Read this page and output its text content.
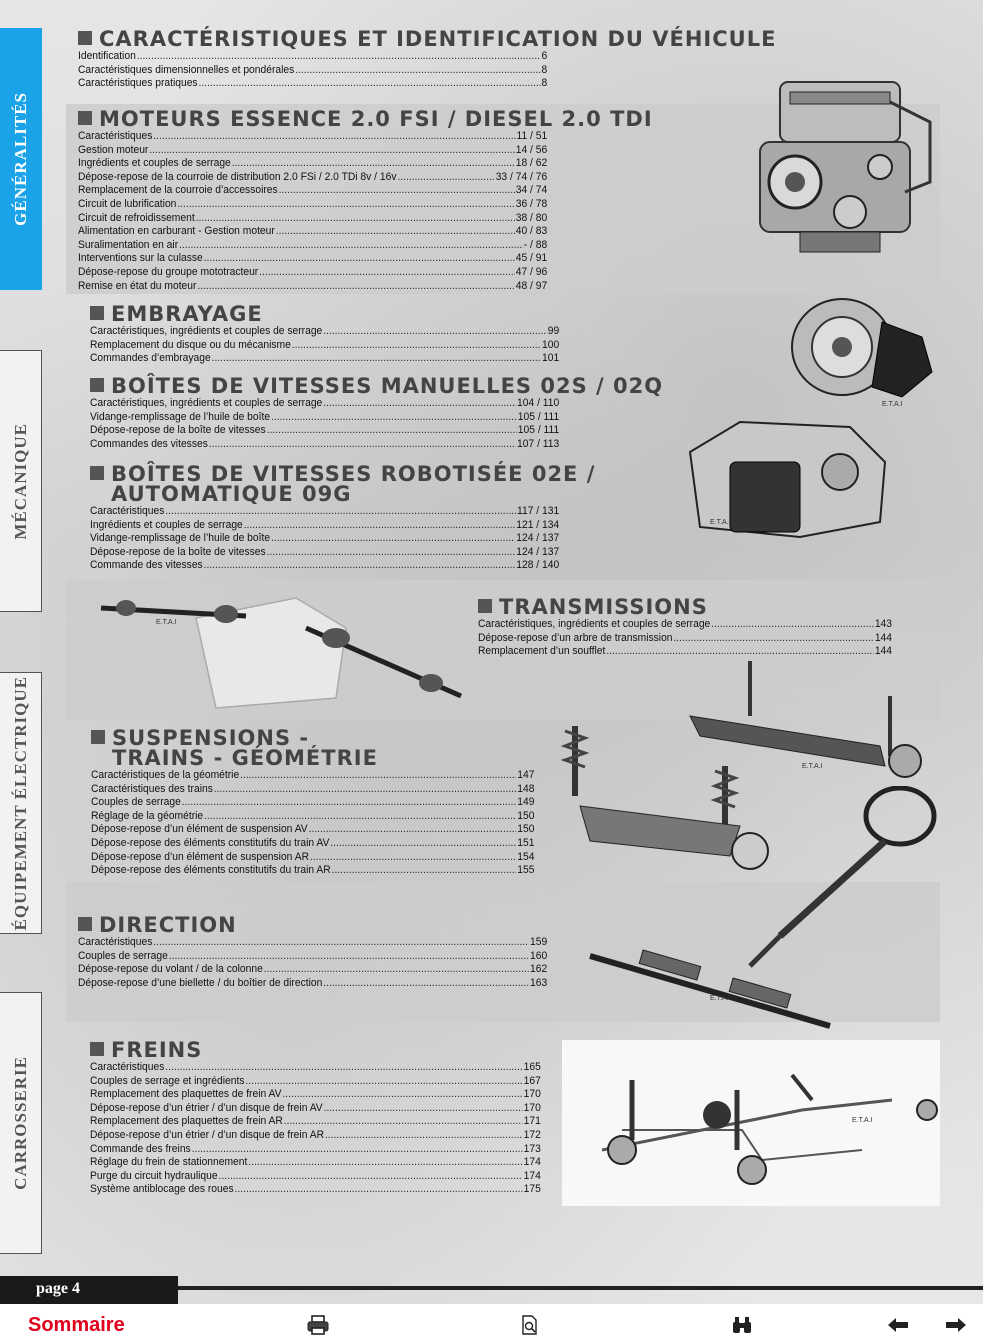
GÉNÉRALITÉS
MÉCANIQUE
ÉQUIPEMENT ÉLECTRIQUE
CARROSSERIE
E.T.A.I
E.T.A.I
E.T.A.I
E.T.A.I
E.T.A.I
E.T.A.I
CARACTÉRISTIQUES ET IDENTIFICATION DU VÉHICULE
Identification .....	6
Caractéristiques dimensionnelles et pondérales .....	8
Caractéristiques pratiques .....	8
MOTEURS ESSENCE 2.0 FSI / DIESEL 2.0 TDI
Caractéristiques .....	11 / 51
Gestion moteur .....	14 / 56
Ingrédients et couples de serrage .....	18 / 62
Dépose-repose de la courroie de distribution 2.0 FSi / 2.0 TDi 8v / 16v .....	33 / 74 / 76
Remplacement de la courroie d’accessoires .....	34 / 74
Circuit de lubrification .....	36 / 78
Circuit de refroidissement .....	38 / 80
Alimentation en carburant - Gestion moteur .....	40 / 83
Suralimentation en air .....	- / 88
Interventions sur la culasse .....	45 / 91
Dépose-repose du groupe mototracteur .....	47 / 96
Remise en état du moteur .....	48 / 97
EMBRAYAGE
Caractéristiques, ingrédients et couples de serrage .....	99
Remplacement du disque ou du mécanisme .....	100
Commandes d’embrayage .....	101
BOÎTES DE VITESSES MANUELLES 02S / 02Q
Caractéristiques, ingrédients et couples de serrage .....	104 / 110
Vidange-remplissage de l’huile de boîte .....	105 / 111
Dépose-repose de la boîte de vitesses .....	105 / 111
Commandes des vitesses .....	107 / 113
BOÎTES DE VITESSES ROBOTISÉE 02E /
AUTOMATIQUE 09G
Caractéristiques .....	117 / 131
Ingrédients et couples de serrage .....	121 / 134
Vidange-remplissage de l’huile de boîte .....	124 / 137
Dépose-repose de la boîte de vitesses .....	124 / 137
Commande des vitesses .....	128 / 140
TRANSMISSIONS
Caractéristiques, ingrédients et couples de serrage .....	143
Dépose-repose d’un arbre de transmission .....	144
Remplacement d’un soufflet .....	144
SUSPENSIONS -
TRAINS - GÉOMÉTRIE
Caractéristiques de la géométrie .....	147
Caractéristiques des trains .....	148
Couples de serrage .....	149
Réglage de la géométrie .....	150
Dépose-repose d’un élément de suspension AV .....	150
Dépose-repose des éléments constitutifs du train AV .....	151
Dépose-repose d’un élément de suspension AR .....	154
Dépose-repose des éléments constitutifs du train AR .....	155
DIRECTION
Caractéristiques .....	159
Couples de serrage .....	160
Dépose-repose du volant / de la colonne .....	162
Dépose-repose d’une biellette / du boîtier de direction .....	163
FREINS
Caractéristiques .....	165
Couples de serrage et ingrédients .....	167
Remplacement des plaquettes de frein AV .....	170
Dépose-repose d’un étrier / d’un disque de frein AV .....	170
Remplacement des plaquettes de frein AR .....	171
Dépose-repose d’un étrier / d’un disque de frein AR .....	172
Commande des freins .....	173
Réglage du frein de stationnement .....	174
Purge du circuit hydraulique .....	174
Système antiblocage des roues .....	175
page 4
Sommaire
